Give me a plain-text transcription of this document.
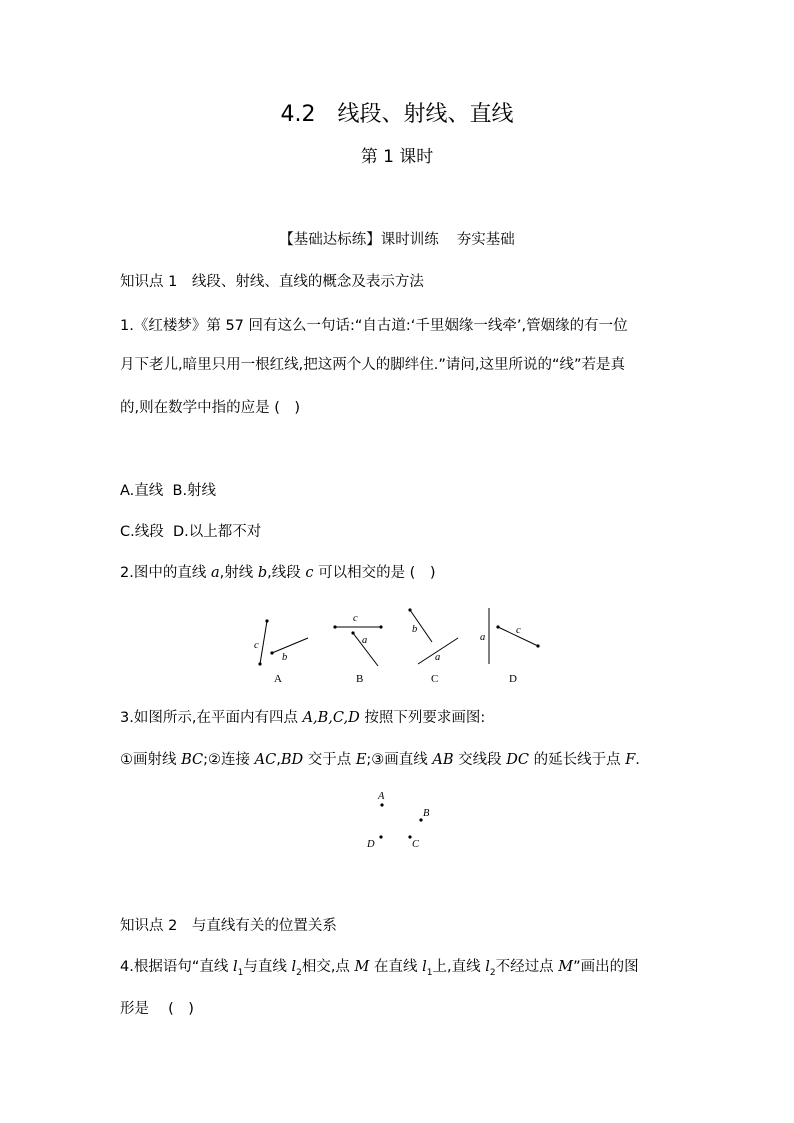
4.2　线段、射线、直线
第 1 课时
【基础达标练】课时训练 夯实基础
知识点 1　线段、射线、直线的概念及表示方法
1.《红楼梦》第 57 回有这么一句话:“自古道:‘千里姻缘一线牵’,管姻缘的有一位
月下老儿,暗里只用一根红线,把这两个人的脚绊住.”请问,这里所说的“线”若是真
的,则在数学中指的应是 (　)
A.直线 B.射线
C.线段 D.以上都不对
2.图中的直线 a,射线 b,线段 c 可以相交的是 (　)
c
b
A
c
a
B
b
a
C
a
c
D
3.如图所示,在平面内有四点 A,B,C,D 按照下列要求画图:
①画射线 BC;②连接 AC,BD 交于点 E;③画直线 AB 交线段 DC 的延长线于点 F.
A
B
D	C
知识点 2　与直线有关的位置关系
4.根据语句“直线 $l_1$与直线 $l_2$相交,点 M 在直线 $l_1$上,直线 $l_2$不经过点 M”画出的图
形是　 (　)
